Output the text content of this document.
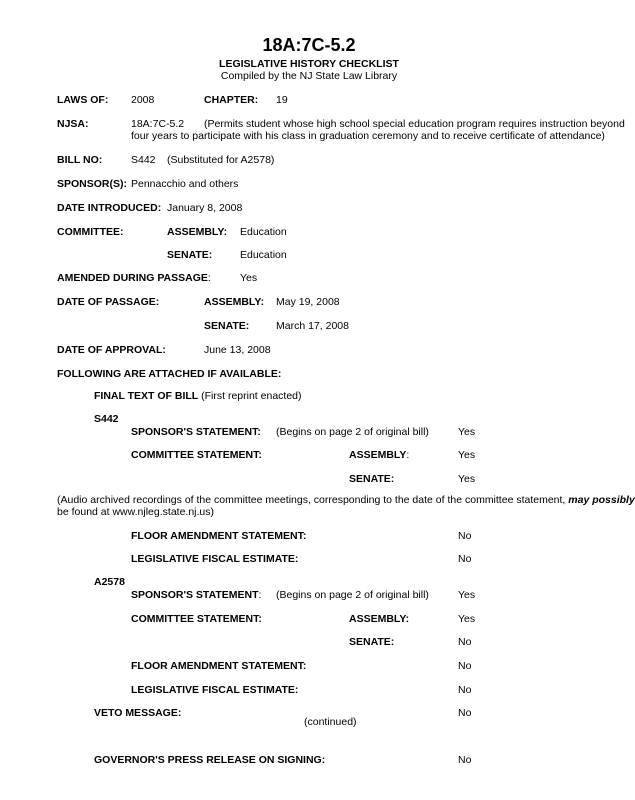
18A:7C-5.2
LEGISLATIVE HISTORY CHECKLIST
Compiled by the NJ State Law Library
LAWS OF: 2008	CHAPTER: 19
NJSA:	18A:7C-5.2 (Permits student whose high school special education program requires instruction beyond
four years to participate with his class in graduation ceremony and to receive certificate of attendance)
BILL NO:	S442 (Substituted for A2578)
SPONSOR(S): Pennacchio and others
DATE INTRODUCED: January 8, 2008
COMMITTEE:	ASSEMBLY: Education
SENATE:	Education
AMENDED DURING PASSAGE:	Yes
DATE OF PASSAGE:	ASSEMBLY: May 19, 2008
SENATE:	March 17, 2008
DATE OF APPROVAL:	June 13, 2008
FOLLOWING ARE ATTACHED IF AVAILABLE:
FINAL TEXT OF BILL (First reprint enacted)
S442
SPONSOR'S STATEMENT: (Begins on page 2 of original bill)	Yes
COMMITTEE STATEMENT:	ASSEMBLY:	Yes
SENATE:	Yes
(Audio archived recordings of the committee meetings, corresponding to the date of the committee statement, may possibly
be found at www.njleg.state.nj.us)
FLOOR AMENDMENT STATEMENT:	No
LEGISLATIVE FISCAL ESTIMATE:	No
A2578
SPONSOR'S STATEMENT: (Begins on page 2 of original bill)	Yes
COMMITTEE STATEMENT:	ASSEMBLY:	Yes
SENATE:	No
FLOOR AMENDMENT STATEMENT:	No
LEGISLATIVE FISCAL ESTIMATE:	No
VETO MESSAGE:	No
(continued)
GOVERNOR'S PRESS RELEASE ON SIGNING:	No
